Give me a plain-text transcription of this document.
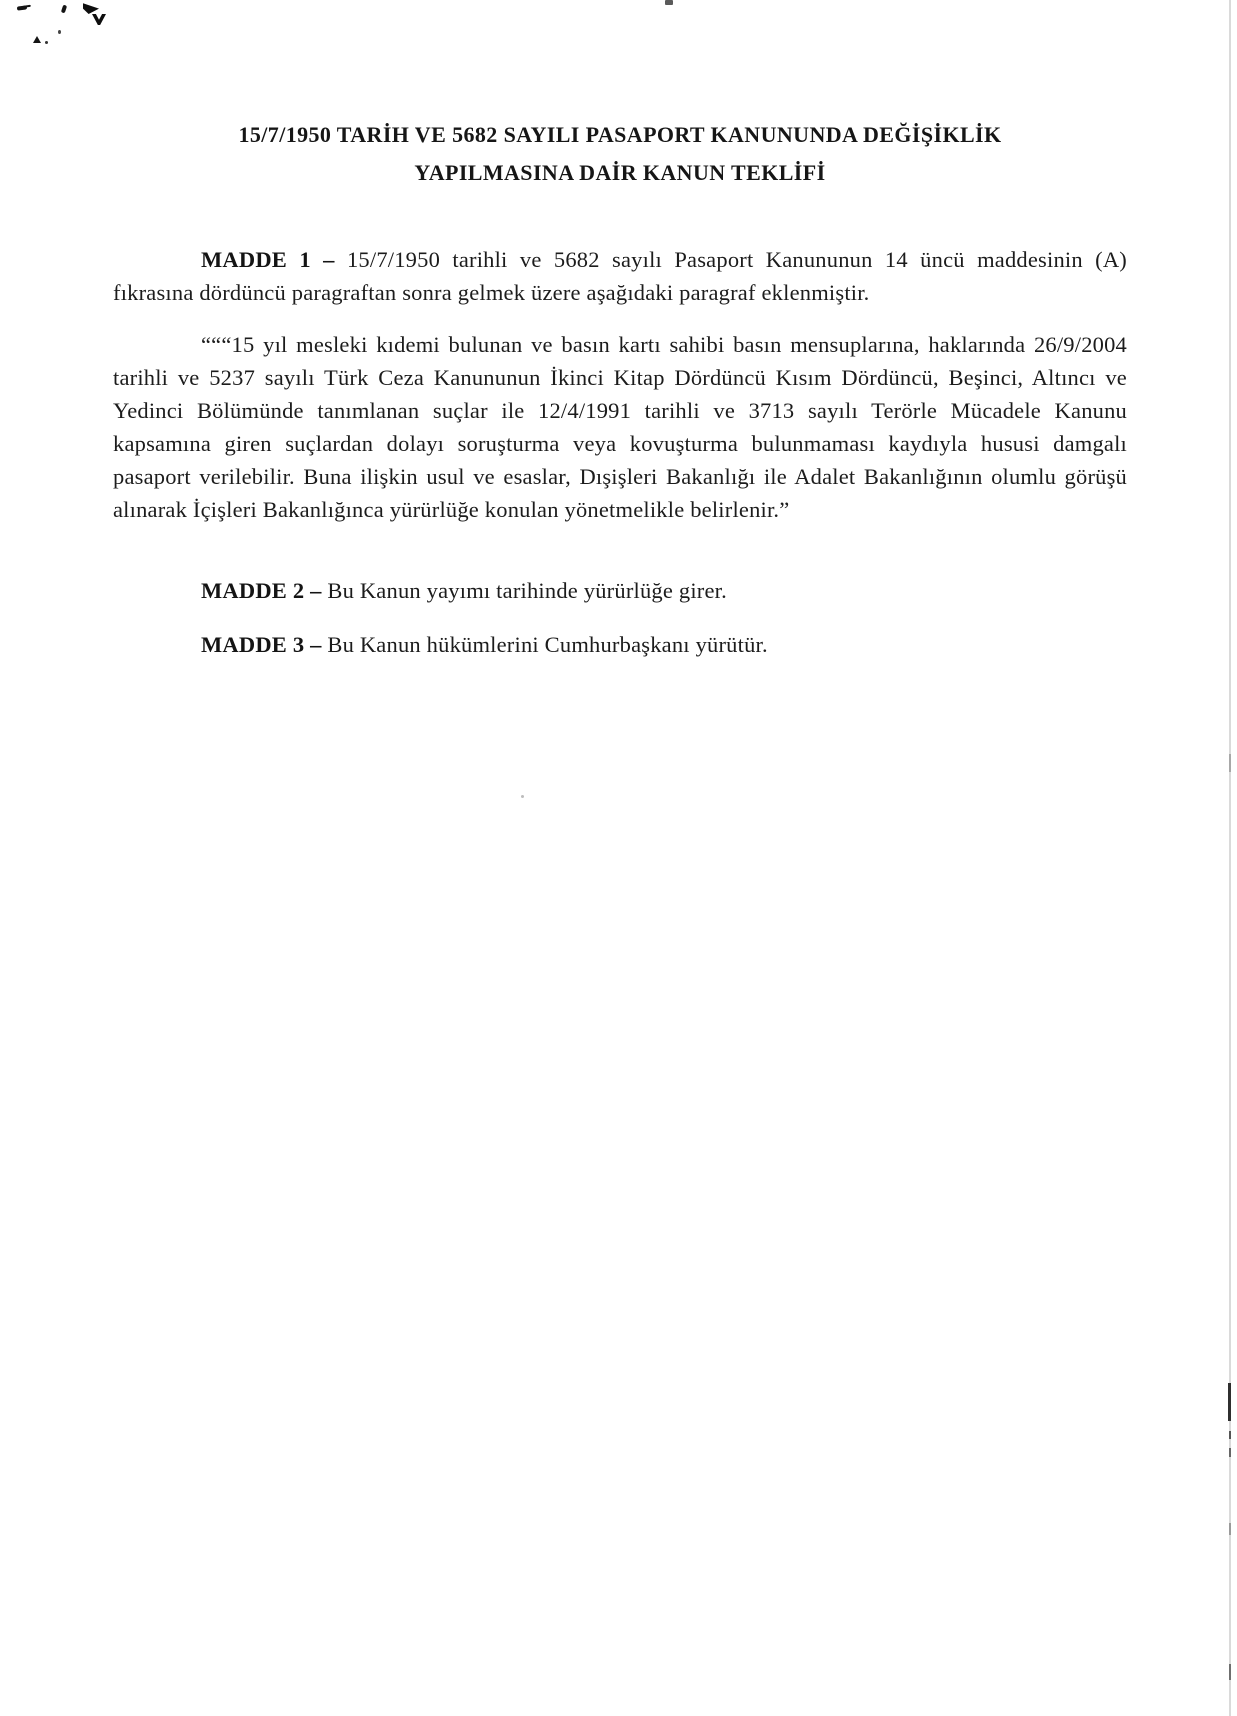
15/7/1950 TARİH VE 5682 SAYILI PASAPORT KANUNUNDA DEĞİŞİKLİK
YAPILMASINA DAİR KANUN TEKLİFİ

MADDE 1 – 15/7/1950 tarihli ve 5682 sayılı Pasaport Kanununun 14 üncü maddesinin (A) fıkrasına dördüncü paragraftan sonra gelmek üzere aşağıdaki paragraf eklenmiştir.

“““15 yıl mesleki kıdemi bulunan ve basın kartı sahibi basın mensuplarına, haklarında 26/9/2004 tarihli ve 5237 sayılı Türk Ceza Kanununun İkinci Kitap Dördüncü Kısım Dördüncü, Beşinci, Altıncı ve Yedinci Bölümünde tanımlanan suçlar ile 12/4/1991 tarihli ve 3713 sayılı Terörle Mücadele Kanunu kapsamına giren suçlardan dolayı soruşturma veya kovuşturma bulunmaması kaydıyla hususi damgalı pasaport verilebilir. Buna ilişkin usul ve esaslar, Dışişleri Bakanlığı ile Adalet Bakanlığının olumlu görüşü alınarak İçişleri Bakanlığınca yürürlüğe konulan yönetmelikle belirlenir.”

MADDE 2 – Bu Kanun yayımı tarihinde yürürlüğe girer.

MADDE 3 – Bu Kanun hükümlerini Cumhurbaşkanı yürütür.
